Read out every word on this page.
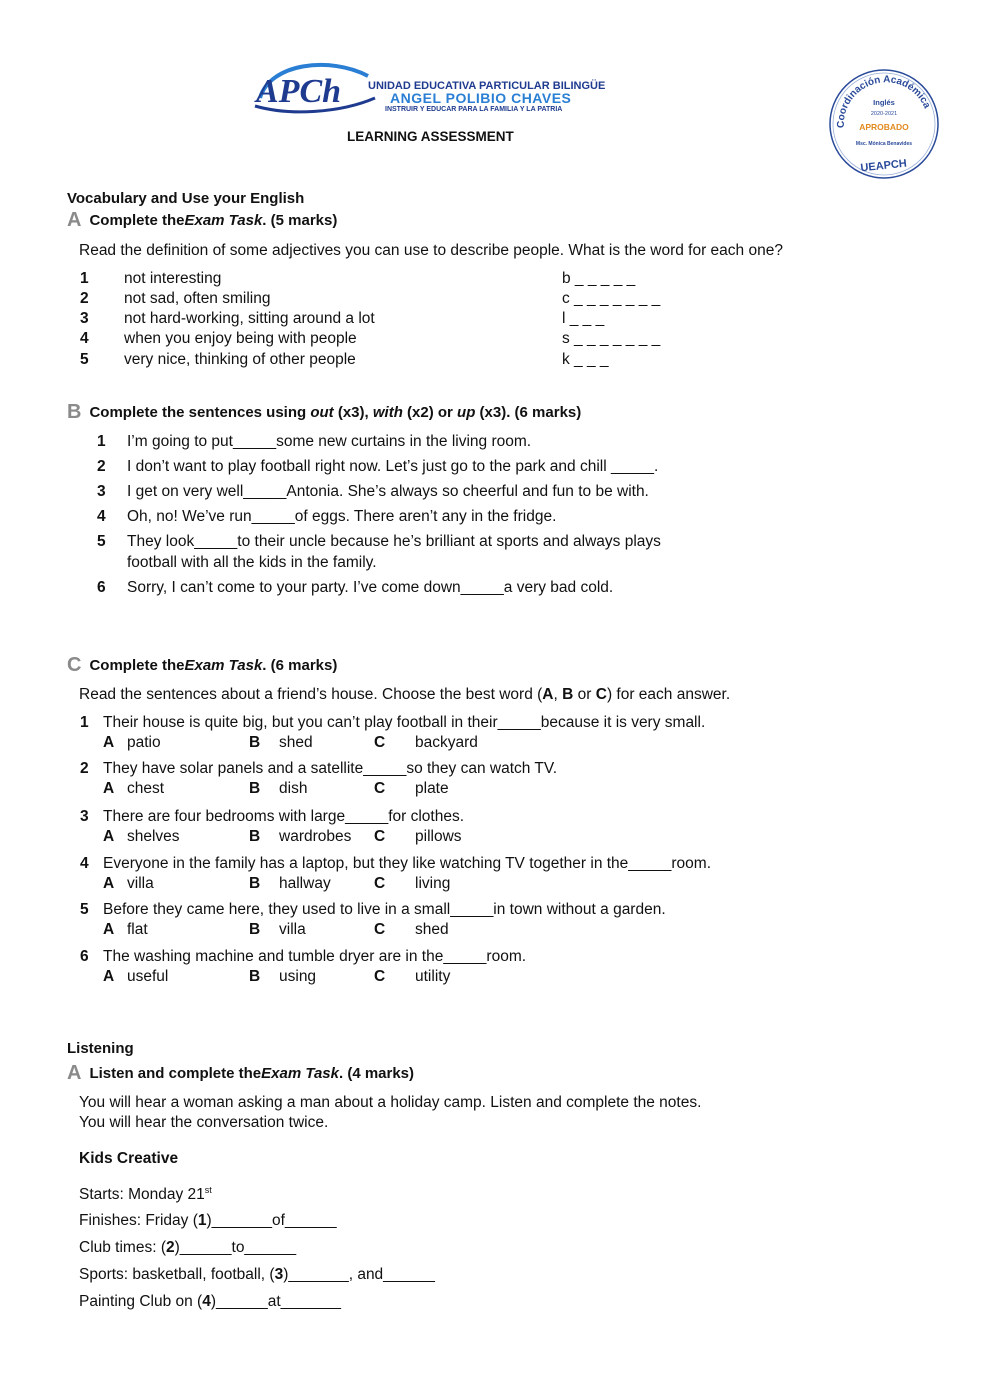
APCh UNIDAD EDUCATIVA PARTICULAR BILINGÜE
ANGEL POLIBIO CHAVES
INSTRUIR Y EDUCAR PARA LA FAMILIA Y LA PATRIA
LEARNING ASSESSMENT
Coordinación Académica
Inglés
2020-2021
APROBADO
Msc. Mónica Benavides
UEAPCH
Vocabulary and Use your English
A Complete the Exam Task . (5 marks)
Read the definition of some adjectives you can use to describe people. What is the word for each one?
1 not interesting	b _ _ _ _ _
2 not sad, often smiling	c _ _ _ _ _ _ _
3 not hard-working, sitting around a lot	l _ _ _
4 when you enjoy being with people	s _ _ _ _ _ _ _
5 very nice, thinking of other people	k _ _ _
B Complete the sentences using out (x3), with (x2) or up (x3). (6 marks)
1 I’m going to put_____some new curtains in the living room.
2 I don’t want to play football right now. Let’s just go to the park and chill _____.
3 I get on very well_____Antonia. She’s always so cheerful and fun to be with.
4 Oh, no! We’ve run_____of eggs. There aren’t any in the fridge.
5 They look_____to their uncle because he’s brilliant at sports and always plays
football with all the kids in the family.
6 Sorry, I can’t come to your party. I’ve come down_____a very bad cold.
C Complete the Exam Task . (6 marks)
Read the sentences about a friend’s house. Choose the best word (A, B or C) for each answer.
1 Their house is quite big, but you can’t play football in their_____because it is very small.
A patio	B shed	C backyard
2 They have solar panels and a satellite_____so they can watch TV.
A chest	B dish	C plate
3 There are four bedrooms with large_____for clothes.
A shelves	B wardrobes C pillows
4 Everyone in the family has a laptop, but they like watching TV together in the_____room.
A villa	B hallway	C living
5 Before they came here, they used to live in a small_____in town without a garden.
A flat	B villa	C shed
6 The washing machine and tumble dryer are in the_____room.
A useful	B using	C utility
Listening
A Listen and complete the Exam Task . (4 marks)
You will hear a woman asking a man about a holiday camp. Listen and complete the notes.
You will hear the conversation twice.
Kids Creative
Starts: Monday 21st
Finishes: Friday (1)_______of______
Club times: (2)______to______
Sports: basketball, football, (3)_______, and______
Painting Club on (4)______at_______
